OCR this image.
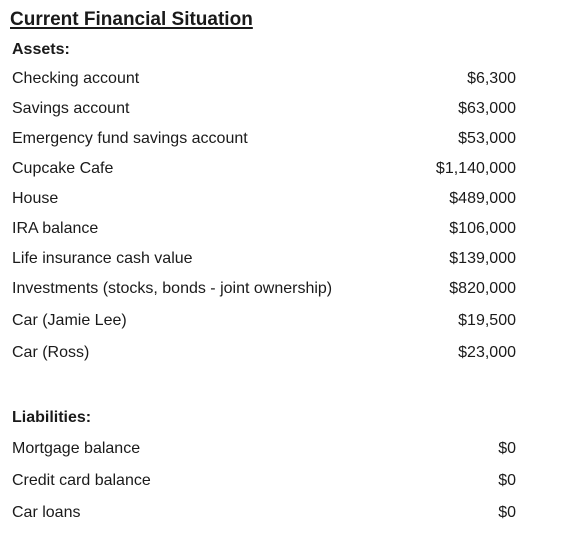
Current Financial Situation
Assets:
Checking account	$6,300
Savings account	$63,000
Emergency fund savings account	$53,000
Cupcake Cafe	$1,140,000
House	$489,000
IRA balance	$106,000
Life insurance cash value	$139,000
Investments (stocks, bonds - joint ownership)	$820,000
Car (Jamie Lee)	$19,500
Car (Ross)	$23,000
Liabilities:
Mortgage balance	$0
Credit card balance	$0
Car loans	$0
